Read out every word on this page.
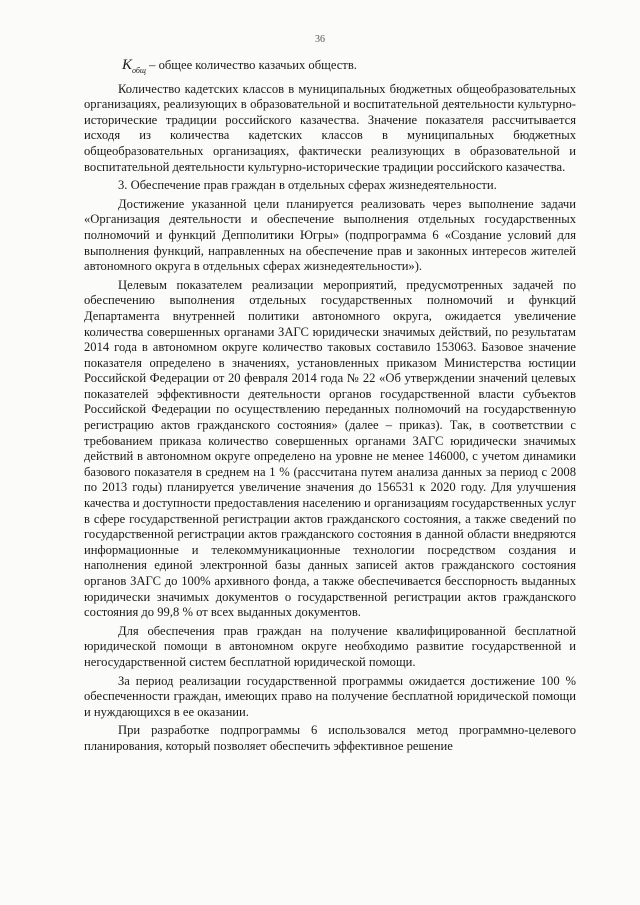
36

$K_{общ}$ – общее количество казачьих обществ.

Количество кадетских классов в муниципальных бюджетных общеобразовательных организациях, реализующих в образовательной и воспитательной деятельности культурно-исторические традиции российского казачества. Значение показателя рассчитывается исходя из количества кадетских классов в муниципальных бюджетных общеобразовательных организациях, фактически реализующих в образовательной и воспитательной деятельности культурно-исторические традиции российского казачества.

3. Обеспечение прав граждан в отдельных сферах жизнедеятельности.

Достижение указанной цели планируется реализовать через выполнение задачи «Организация деятельности и обеспечение выполнения отдельных государственных полномочий и функций Депполитики Югры» (подпрограмма 6 «Создание условий для выполнения функций, направленных на обеспечение прав и законных интересов жителей автономного округа в отдельных сферах жизнедеятельности»).

Целевым показателем реализации мероприятий, предусмотренных задачей по обеспечению выполнения отдельных государственных полномочий и функций Департамента внутренней политики автономного округа, ожидается увеличение количества совершенных органами ЗАГС юридически значимых действий, по результатам 2014 года в автономном округе количество таковых составило 153063. Базовое значение показателя определено в значениях, установленных приказом Министерства юстиции Российской Федерации от 20 февраля 2014 года № 22 «Об утверждении значений целевых показателей эффективности деятельности органов государственной власти субъектов Российской Федерации по осуществлению переданных полномочий на государственную регистрацию актов гражданского состояния» (далее – приказ). Так, в соответствии с требованием приказа количество совершенных органами ЗАГС юридически значимых действий в автономном округе определено на уровне не менее 146000, с учетом динамики базового показателя в среднем на 1 % (рассчитана путем анализа данных за период с 2008 по 2013 годы) планируется увеличение значения до 156531 к 2020 году. Для улучшения качества и доступности предоставления населению и организациям государственных услуг в сфере государственной регистрации актов гражданского состояния, а также сведений по государственной регистрации актов гражданского состояния в данной области внедряются информационные и телекоммуникационные технологии посредством создания и наполнения единой электронной базы данных записей актов гражданского состояния органов ЗАГС до 100% архивного фонда, а также обеспечивается бесспорность выданных юридически значимых документов о государственной регистрации актов гражданского состояния до 99,8 % от всех выданных документов.

Для обеспечения прав граждан на получение квалифицированной бесплатной юридической помощи в автономном округе необходимо развитие государственной и негосударственной систем бесплатной юридической помощи.

За период реализации государственной программы ожидается достижение 100 % обеспеченности граждан, имеющих право на получение бесплатной юридической помощи и нуждающихся в ее оказании.

При разработке подпрограммы 6 использовался метод программно-целевого планирования, который позволяет обеспечить эффективное решение
